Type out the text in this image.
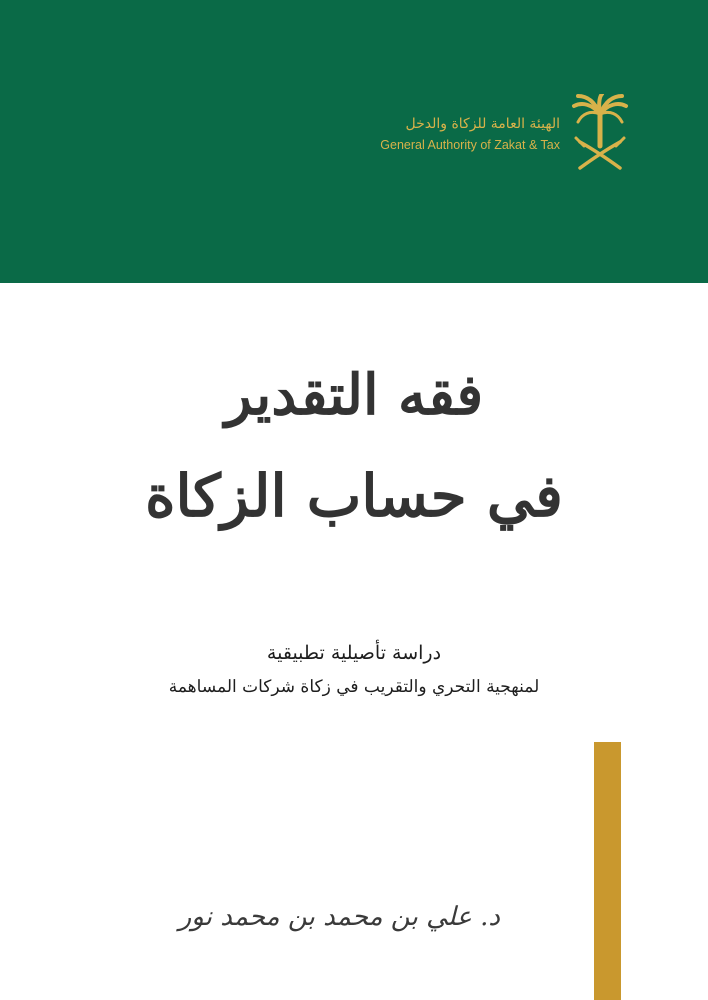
الهيئة العامة للزكاة والدخل
General Authority of Zakat & Tax
فقه التقدير
في حساب الزكاة
دراسة تأصيلية تطبيقية
لمنهجية التحري والتقريب في زكاة شركات المساهمة
د. علي بن محمد بن محمد نور
